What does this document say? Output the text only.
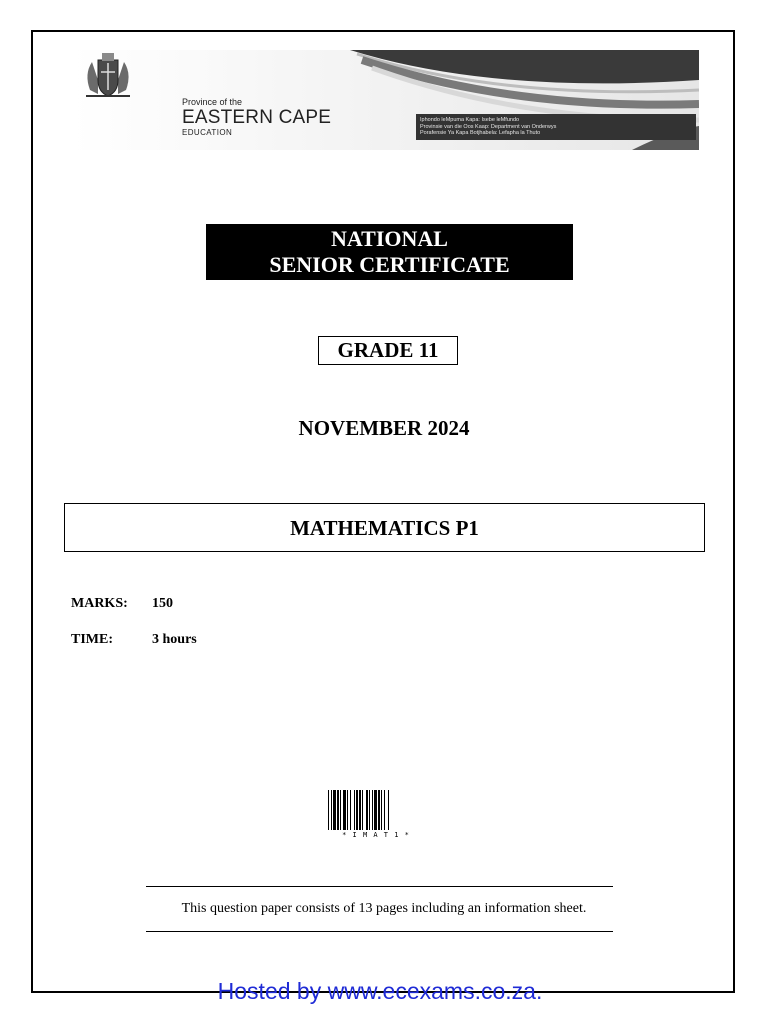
Province of the
EASTERN CAPE
EDUCATION
Iphondo leMpuma Kapa: Isebe leMfundo
Provinsie van die Oos Kaap: Department van Onderwys
Porafensie Ya Kapa Botjhabela: Lefapha la Thuto
NATIONAL
SENIOR CERTIFICATE
GRADE 11
NOVEMBER 2024
MATHEMATICS P1
MARKS: 150
TIME:	3 hours
* I M A T 1 *
This question paper consists of 13 pages including an information sheet.
Hosted by www.ecexams.co.za.
